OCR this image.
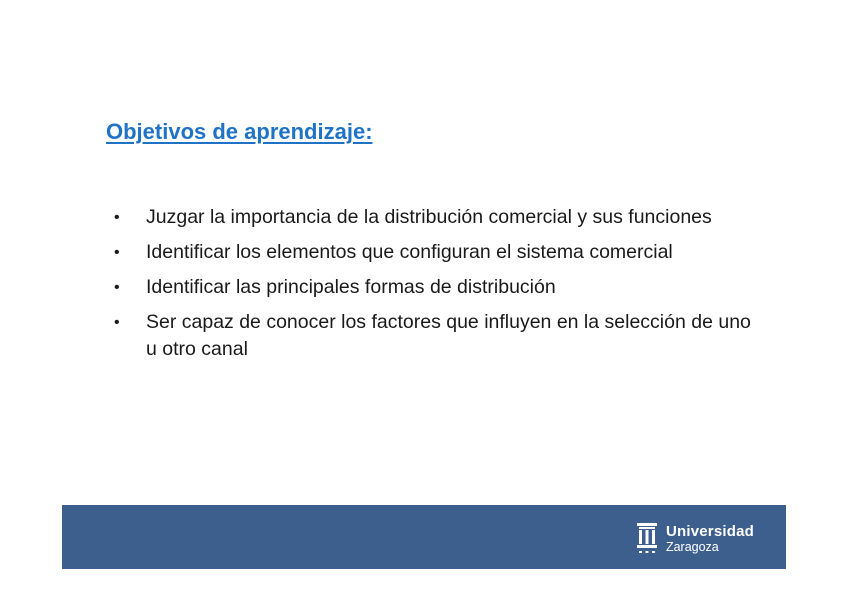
Objetivos de aprendizaje:
•	Juzgar la importancia de la distribución comercial y sus funciones
•	Identificar los elementos que configuran el sistema comercial
•	Identificar las principales formas de distribución
•	Ser capaz de conocer los factores que influyen en la selección de uno u otro canal
Universidad
Zaragoza
